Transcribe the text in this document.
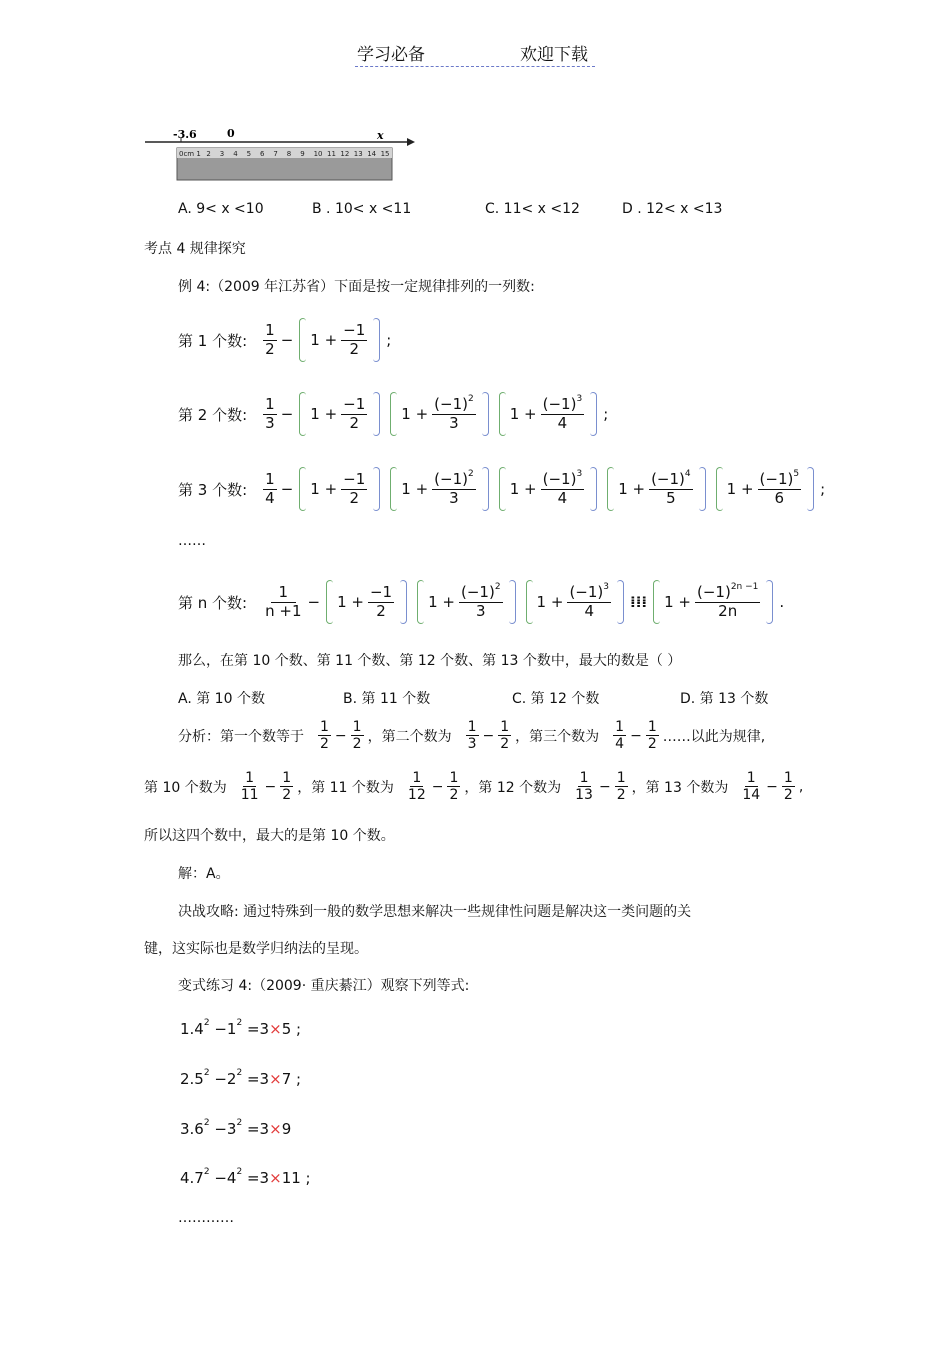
学习必备	欢迎下载
-3.6	0	x
0cm 1 2 3 4 5 6 7 8 9 10 11 12 13 14 15
A. 9< x <10	B . 10< x <11	C. 11< x <12	D . 12< x <13
考点 4 规律探究
例 4:（2009 年江苏省）下面是按一定规律排列的一列数:
第 1 个数: $\frac{1}{2} - 1 + \frac{-1}{2}$ ;
第 2 个数: $\frac{1}{3} - 1 + \frac{-1}{2} 1 + \frac{(-1)^2}{3} 1 + \frac{(-1)^3}{4}$ ;
第 3 个数: $\frac{1}{4} - 1 + \frac{-1}{2} 1 + \frac{(-1)^2}{3} 1 + \frac{(-1)^3}{4} 1 + \frac{(-1)^4}{5} 1 + \frac{(-1)^5}{6}$ ;
……
第 n 个数: $\frac{1}{n +1} - 1 + \frac{-1}{2} 1 + \frac{(-1)^2}{3} 1 + \frac{(-1)^3}{4}$ ⁞⁞⁞ $1 + \frac{(-1)^{2n -1}}{2n}$ .
那么，在第 10 个数、第 11 个数、第 12 个数、第 13 个数中，最大的数是（ ）
A. 第 10 个数	B. 第 11 个数	C. 第 12 个数	D. 第 13 个数
分析：第一个数等于 $\frac{1}{2} - \frac{1}{2}$ ，第二个数为 $\frac{1}{3} - \frac{1}{2}$ ，第三个数为 $\frac{1}{4} - \frac{1}{2}$ ……以此为规律,
第 10 个数为 $\frac{1}{11} - \frac{1}{2}$ ，第 11 个数为 $\frac{1}{12} - \frac{1}{2}$ ，第 12 个数为 $\frac{1}{13} - \frac{1}{2}$ ，第 13 个数为 $\frac{1}{14} - \frac{1}{2}$ ,
所以这四个数中，最大的是第 10 个数。
解：A。
决战攻略: 通过特殊到一般的数学思想来解决一些规律性问题是解决这一类问题的关
键，这实际也是数学归纳法的呈现。
变式练习 4:（2009· 重庆綦江）观察下列等式:
$1.4^2 -1^2 =3\times 5$ ;
$2.5^2 -2^2 =3\times 7$ ;
$3.6^2 -3^2 =3\times 9$
$4.7^2 -4^2 =3\times 11$ ;
…………
